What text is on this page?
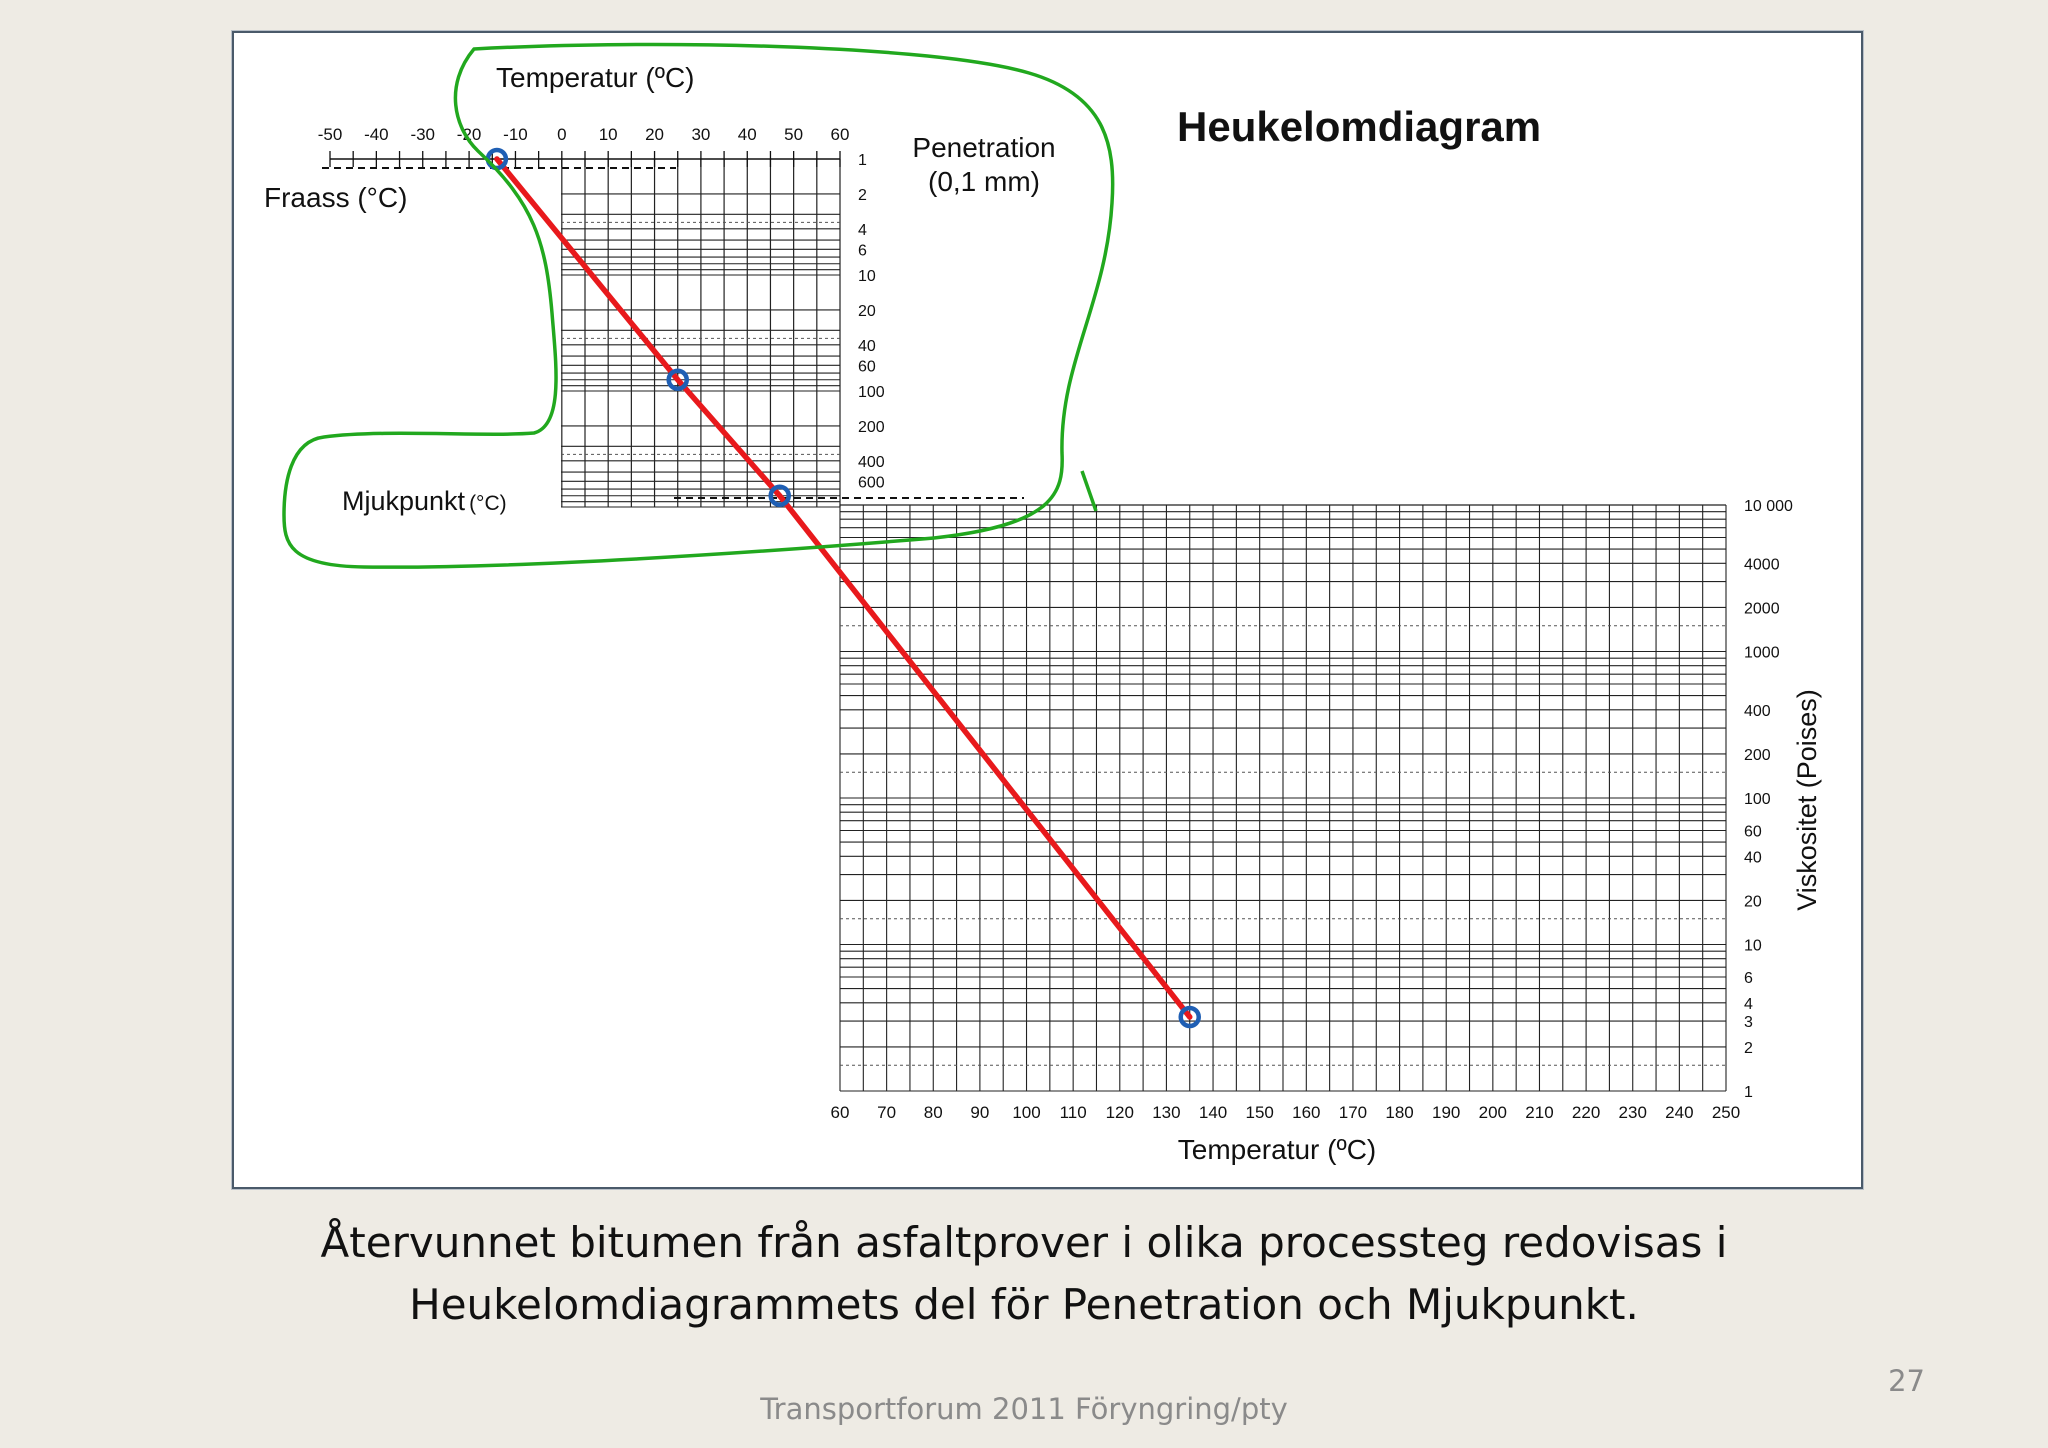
-50 -40 -30 -20 -10 0 10 20 30 40 50 60
60 70 80 90 100 110 120 130 140 150 160 170 180 190 200 210 220 230 240 250
1
2
4
6
10
20
40
60
100
200
400
600
10 000
4000
2000
1000
400
200
100
60
40
20
10
6
4
3
2
1
Heukelomdiagram
Temperatur (ºC)
Penetration
(0,1 mm)
Fraass (°C)
Mjukpunkt (°C)
Temperatur (ºC)
Viskositet (Poises)
Återvunnet bitumen från asfaltprover i olika processteg redovisas i
Heukelomdiagrammets del för Penetration och Mjukpunkt.
Transportforum 2011 Föryngring/pty
27
